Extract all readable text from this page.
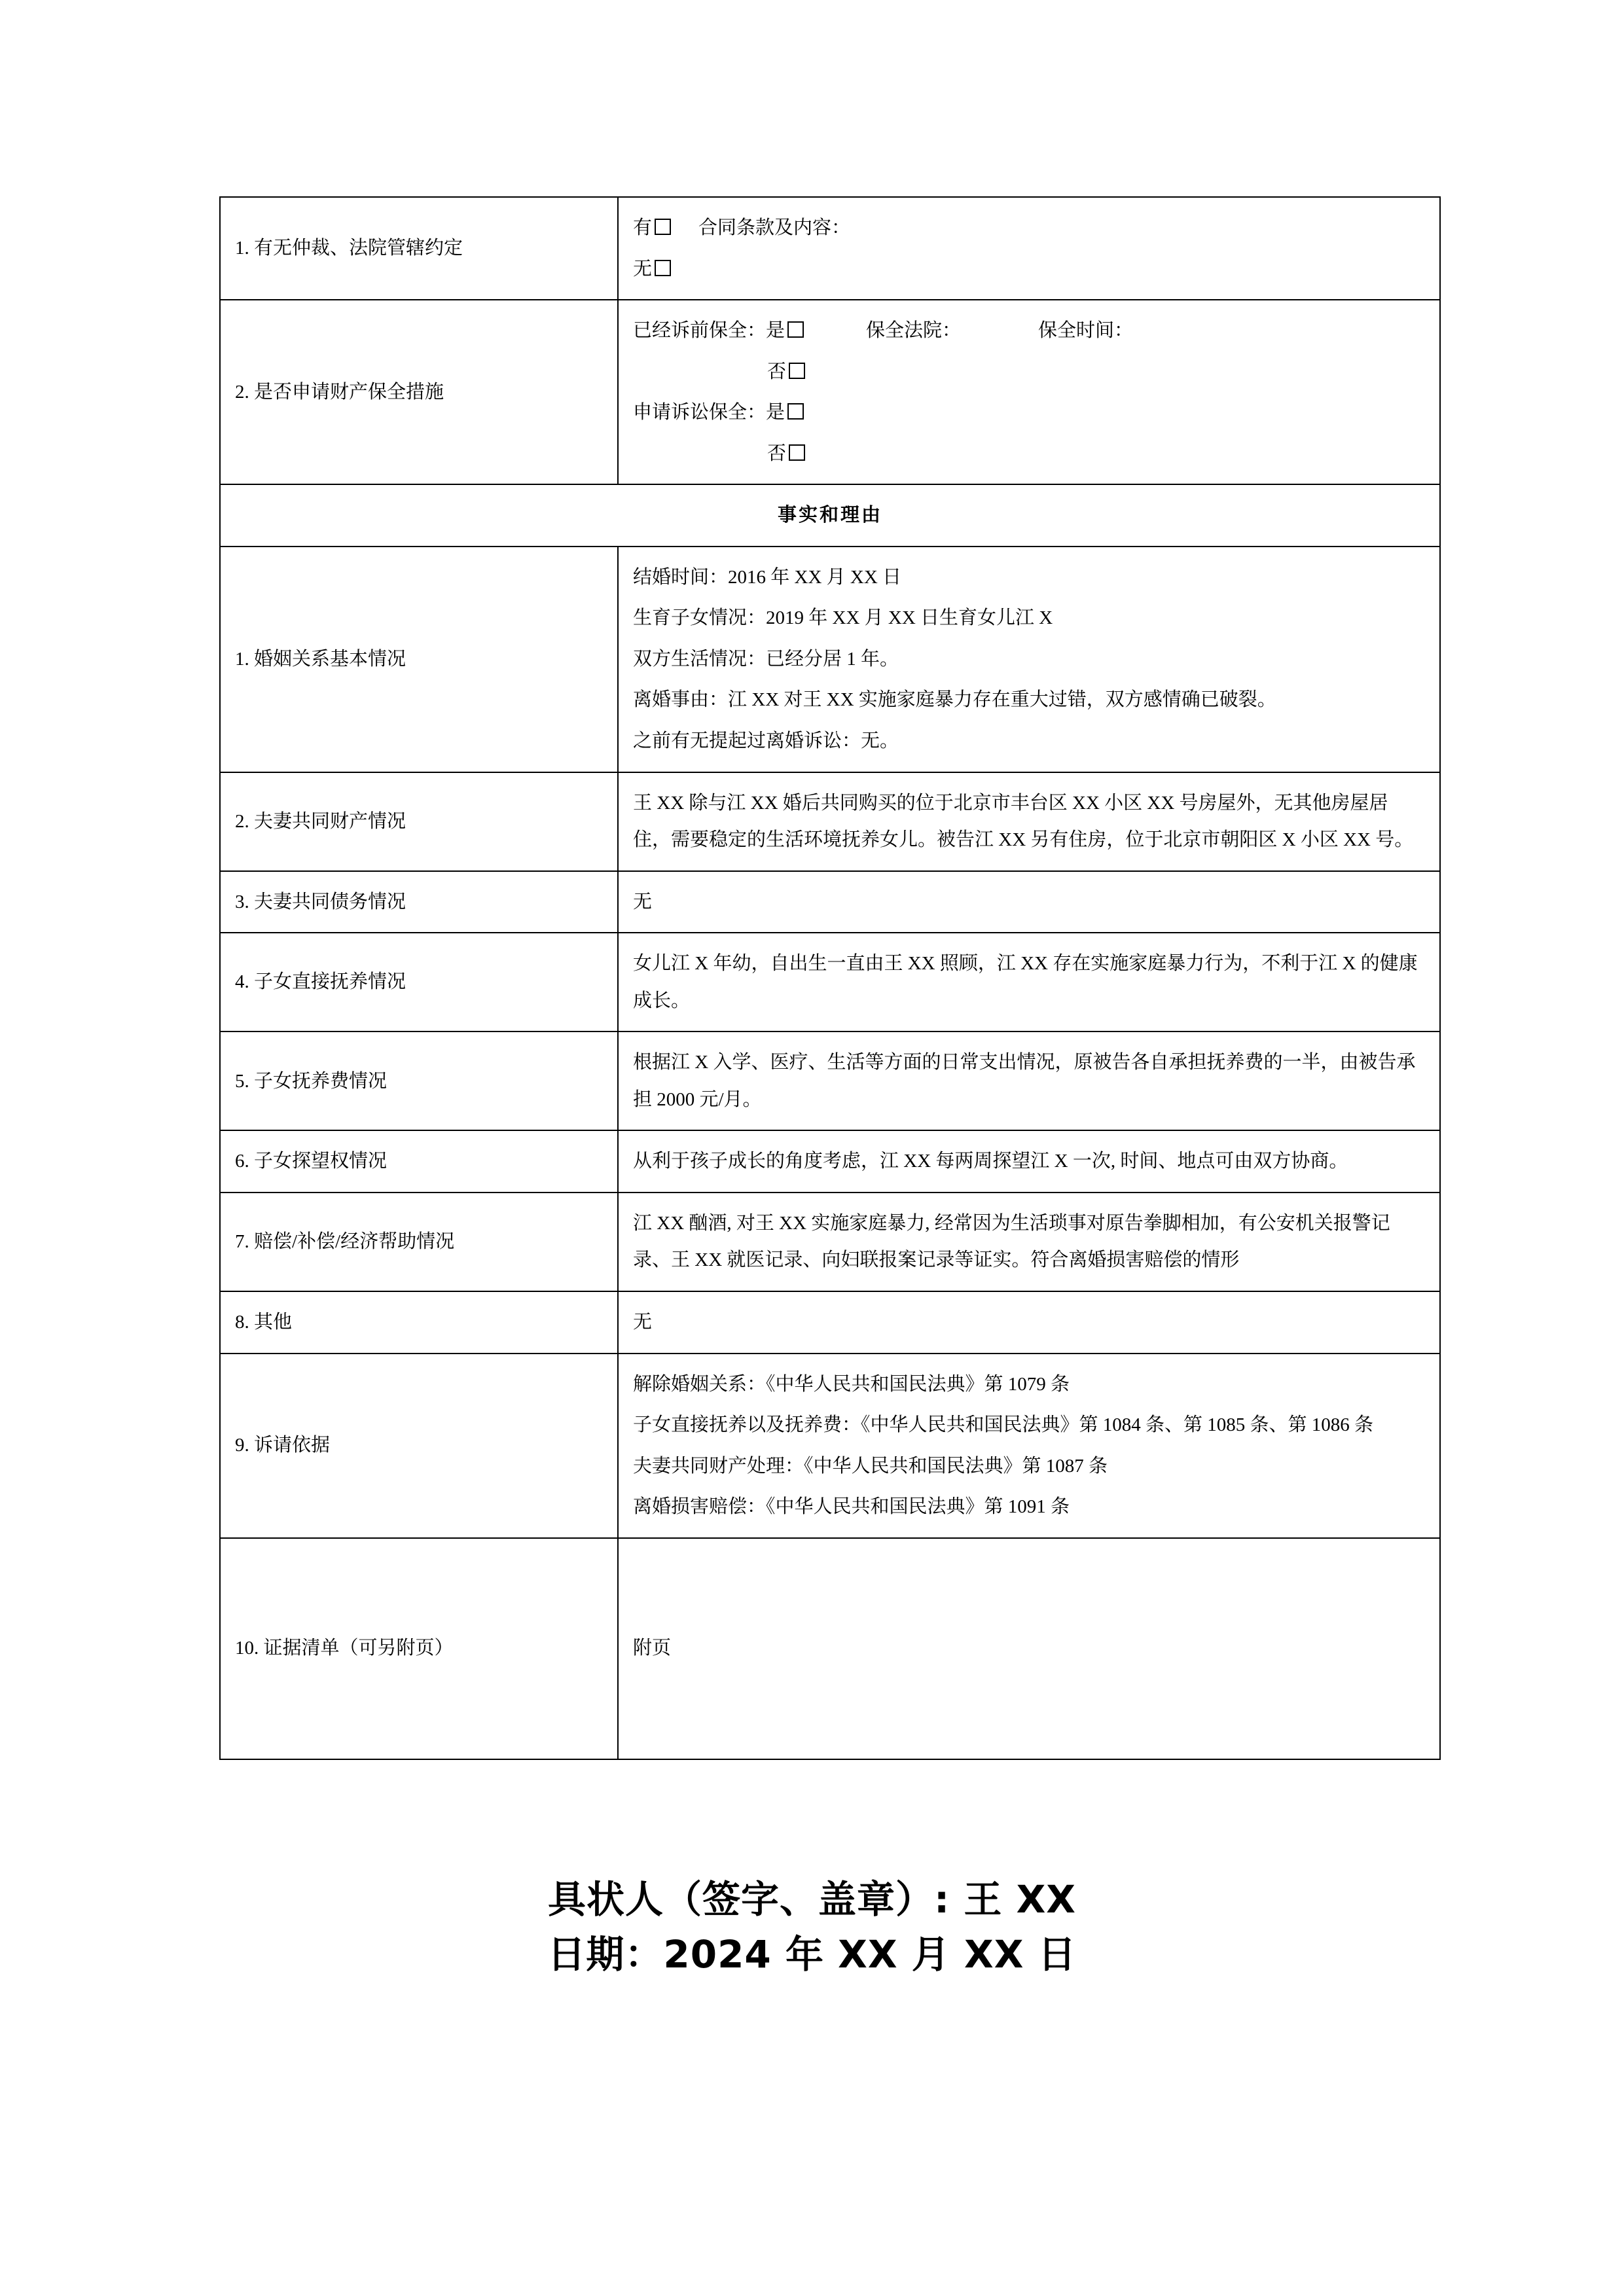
1. 有无仲裁、法院管辖约定	有 合同条款及内容：

无

2. 是否申请财产保全措施	已经诉前保全：是 保全法院： 保全时间：

否

申请诉讼保全：是

否

事实和理由	
1. 婚姻关系基本情况	结婚时间：2016 年 XX 月 XX 日

生育子女情况：2019 年 XX 月 XX 日生育女儿江 X

双方生活情况：已经分居 1 年。

离婚事由：江 XX 对王 XX 实施家庭暴力存在重大过错，双方感情确已破裂。

之前有无提起过离婚诉讼：无。

2. 夫妻共同财产情况	王 XX 除与江 XX 婚后共同购买的位于北京市丰台区 XX 小区 XX 号房屋外，无其他房屋居住，需要稳定的生活环境抚养女儿。被告江 XX 另有住房，位于北京市朝阳区 X 小区 XX 号。

3. 夫妻共同债务情况	无

4. 子女直接抚养情况	女儿江 X 年幼，自出生一直由王 XX 照顾，江 XX 存在实施家庭暴力行为，不利于江 X 的健康成长。

5. 子女抚养费情况	根据江 X 入学、医疗、生活等方面的日常支出情况，原被告各自承担抚养费的一半，由被告承担 2000 元/月。

6. 子女探望权情况	从利于孩子成长的角度考虑，江 XX 每两周探望江 X 一次, 时间、地点可由双方协商。

7. 赔偿/补偿/经济帮助情况	江 XX 酗酒, 对王 XX 实施家庭暴力, 经常因为生活琐事对原告拳脚相加，有公安机关报警记录、王 XX 就医记录、向妇联报案记录等证实。符合离婚损害赔偿的情形

8. 其他	无

9. 诉请依据	解除婚姻关系：《中华人民共和国民法典》第 1079 条

子女直接抚养以及抚养费：《中华人民共和国民法典》第 1084 条、第 1085 条、第 1086 条

夫妻共同财产处理：《中华人民共和国民法典》第 1087 条

离婚损害赔偿：《中华人民共和国民法典》第 1091 条

10. 证据清单（可另附页）	附页

具状人（签字、盖章）: 王 XX
日期：2024 年 XX 月 XX 日
